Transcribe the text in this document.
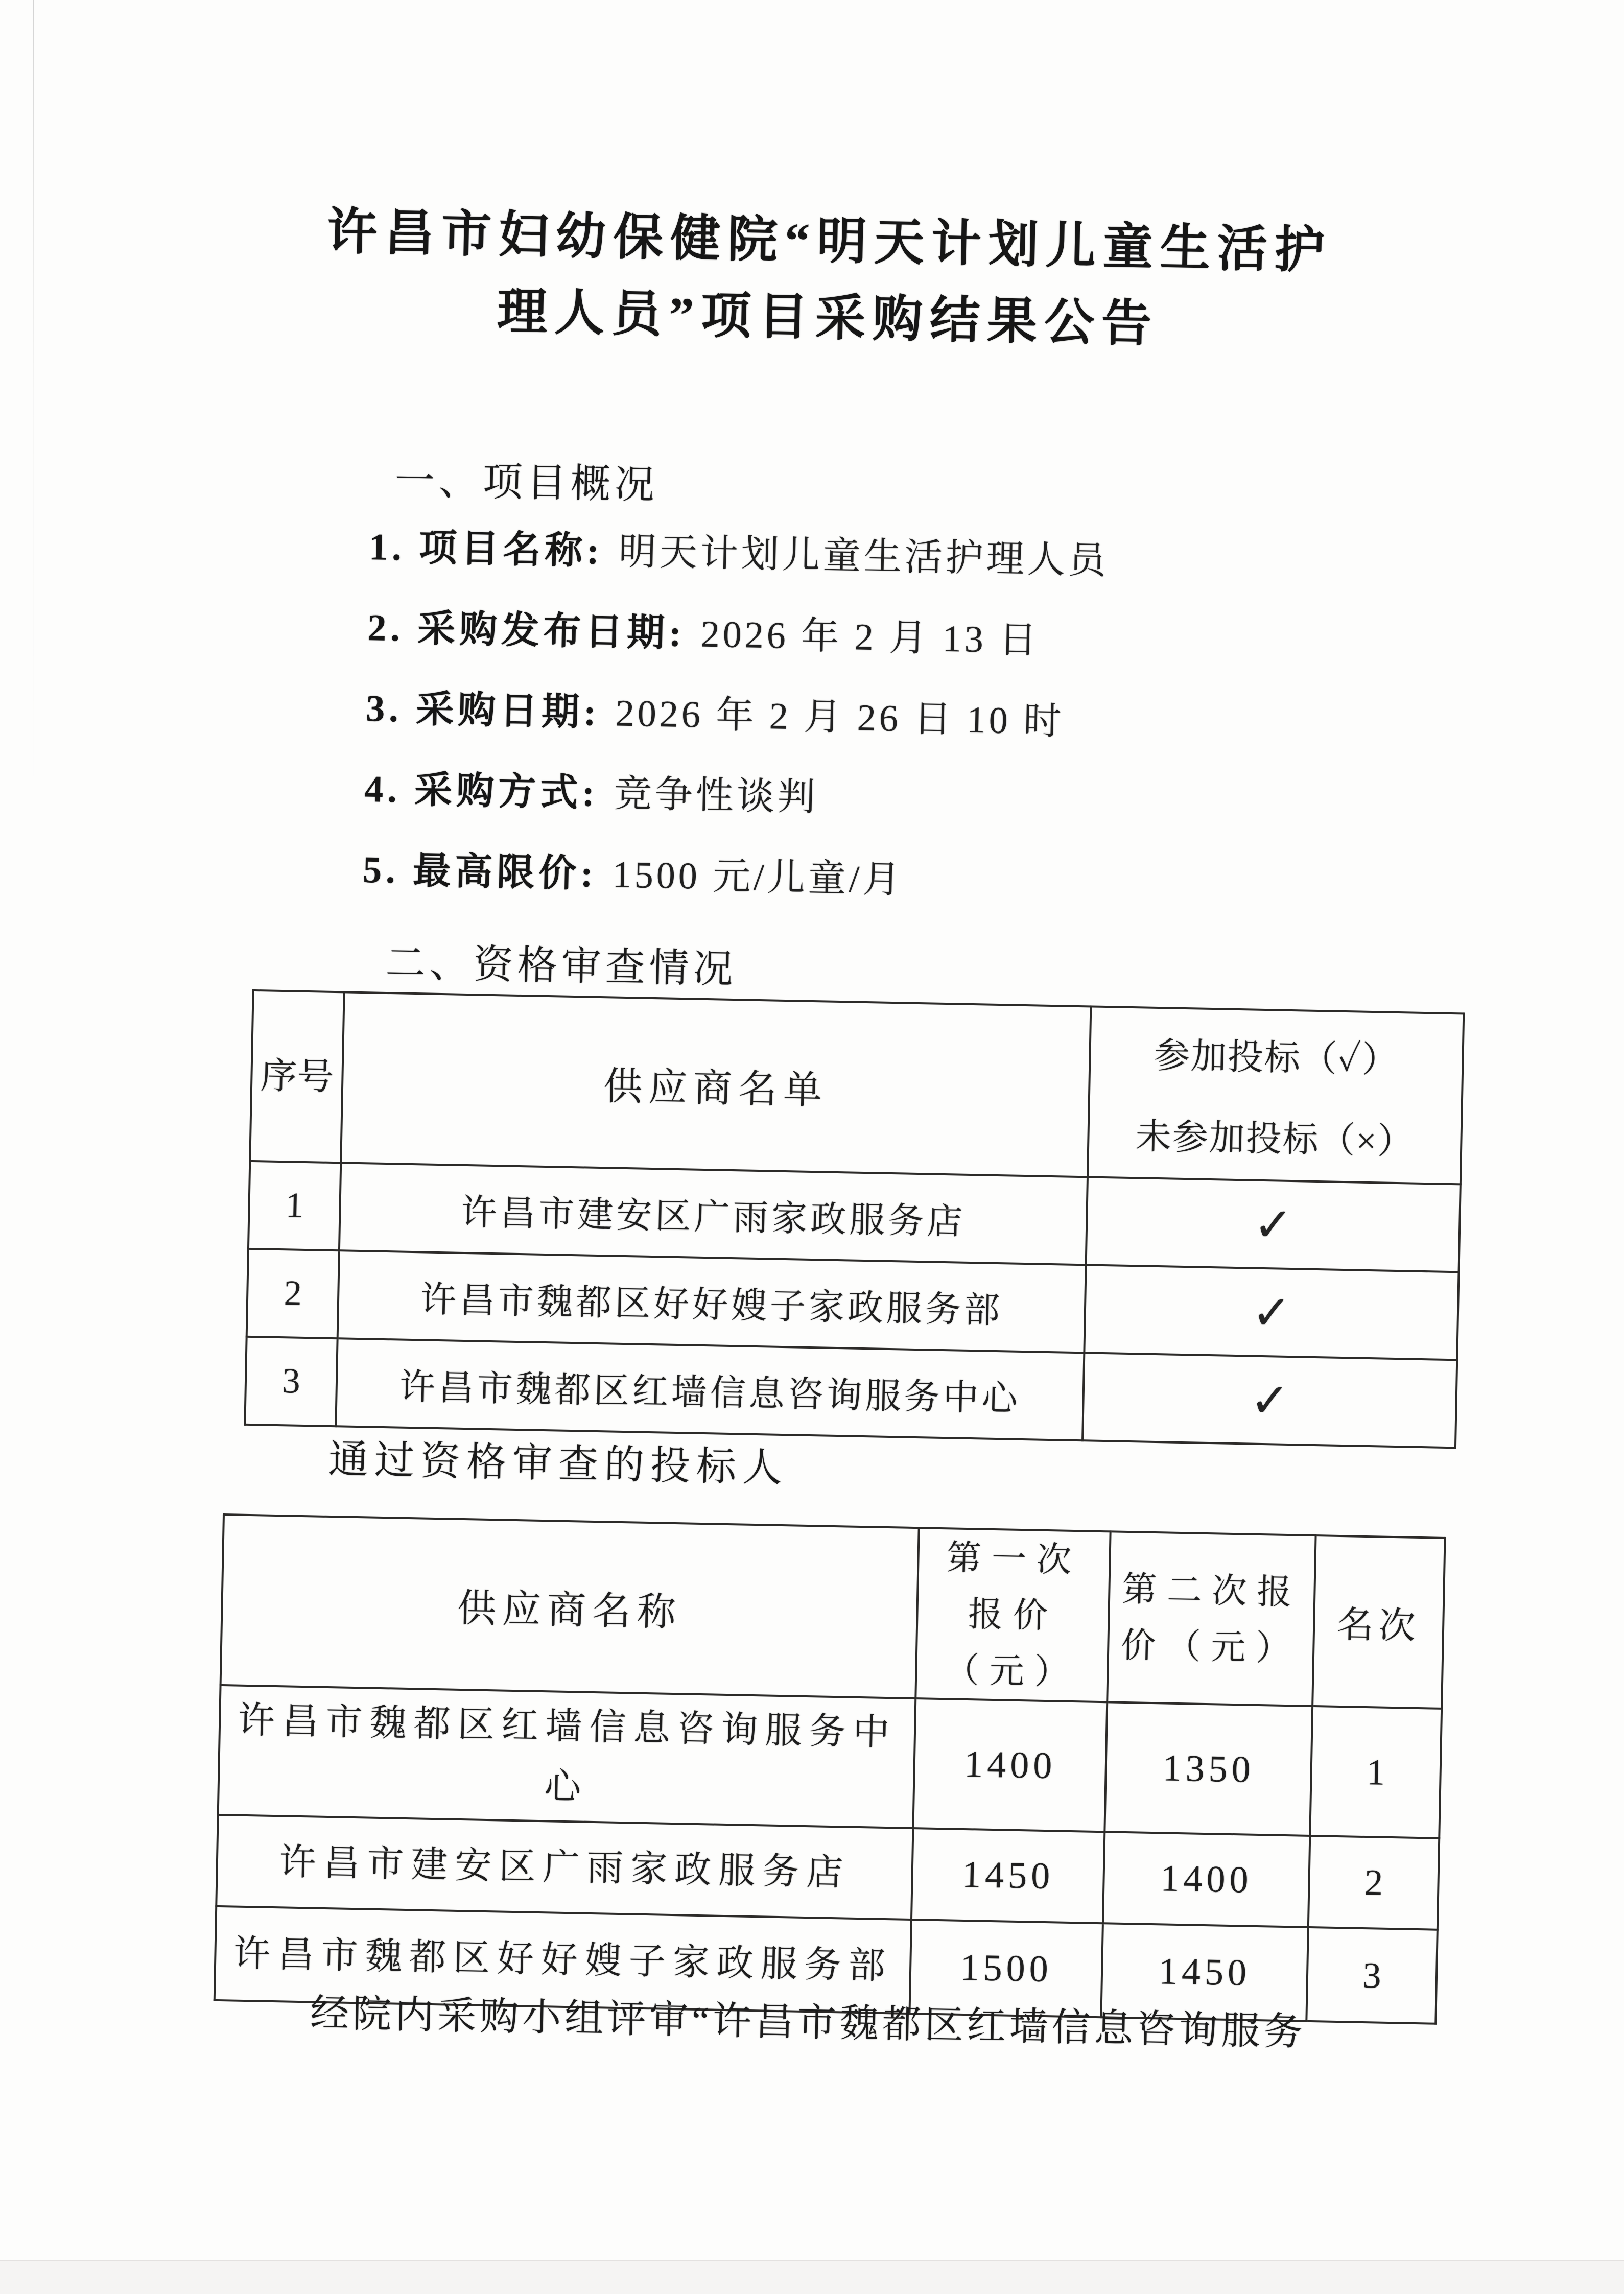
许昌市妇幼保健院“明天计划儿童生活护
理人员”项目采购结果公告
一、项目概况
1. 项目名称: 明天计划儿童生活护理人员
2. 采购发布日期: 2026 年 2 月 13 日
3. 采购日期: 2026 年 2 月 26 日 10 时
4. 采购方式: 竞争性谈判
5. 最高限价: 1500 元/儿童/月
二、资格审查情况
序号	供应商名单	参加投标（✓）
未参加投标（×）

1	许昌市建安区广雨家政服务店	✓
2	许昌市魏都区好好嫂子家政服务部	✓
3	许昌市魏都区红墙信息咨询服务中心	✓
通过资格审查的投标人
供应商名称	第一次报价（元）	第二次报价（元）	名次
许昌市魏都区红墙信息咨询服务中心	1400	1350	1
许昌市建安区广雨家政服务店	1450	1400	2
许昌市魏都区好好嫂子家政服务部	1500	1450	3

经院内采购小组评审“许昌市魏都区红墙信息咨询服务
